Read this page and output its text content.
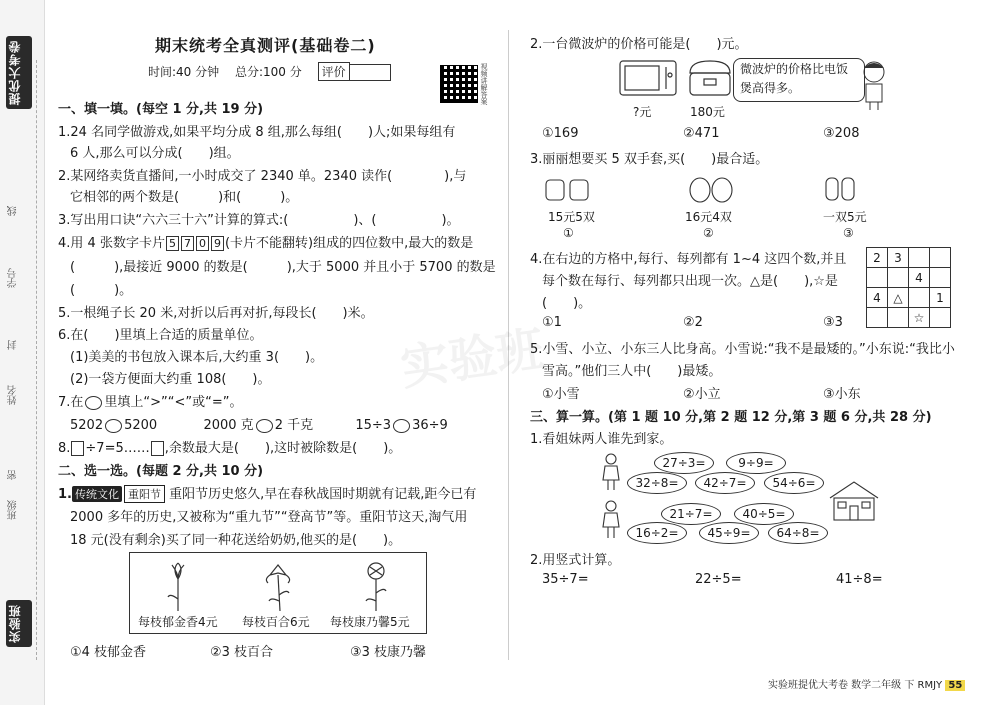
提优大考卷
线
学号
封
姓名
密
班级
实验班
实验班
期末统考全真测评(基础卷二)
时间:40 分钟　 总分:100 分　 评价	视频讲解答案
一、填一填。(每空 1 分,共 19 分)
1.24 名同学做游戏,如果平均分成 8 组,那么每组(　　)人;如果每组有
6 人,那么可以分成(　　)组。
2.某网络卖货直播间,一小时成交了 2340 单。2340 读作(　　　　),与
它相邻的两个数是(　　　)和(　　　)。
3.写出用口诀“六六三十六”计算的算式:(　　　　　)、(　　　　　)。
4.用 4 张数字卡片 5 7 0 9 (卡片不能翻转)组成的四位数中,最大的数是
(　　　),最接近 9000 的数是(　　　),大于 5000 并且小于 5700 的数是
(　　　)。
5.一根绳子长 20 米,对折以后再对折,每段长(　　)米。
6.在(　　)里填上合适的质量单位。
(1)美美的书包放入课本后,大约重 3(　　)。
(2)一袋方便面大约重 108(　　)。
7.在 里填上“>”“<”或“=”。
5202 5200	2000 克 2 千克	15÷3 36÷9
8. ÷7=5…… ,余数最大是(　　),这时被除数是(　　)。
二、选一选。(每题 2 分,共 10 分)
1. 传统文化 重阳节 重阳节历史悠久,早在春秋战国时期就有记载,距今已有
2000 多年的历史,又被称为“重九节”“登高节”等。重阳节这天,淘气用
18 元(没有剩余)买了同一种花送给奶奶,他买的是(　　)。
每枝郁金香4元 每枝百合6元 每枝康乃馨5元
①4 枝郁金香	②3 枝百合	③3 枝康乃馨
2.一台微波炉的价格可能是(　　)元。
?元	180元
微波炉的价格比电饭煲高得多。
①169	②471	③208
3.丽丽想要买 5 双手套,买(　　)最合适。
15元5双	16元4双	一双5元
①	②	③
4.在右边的方格中,每行、每列都有 1~4 这四个数,并且
每个数在每行、每列都只出现一次。△是(　　),☆是
(　　)。
2	3		
		4	
4	△		1
		☆	
①1	②2	③3
5.小雪、小立、小东三人比身高。小雪说:“我不是最矮的。”小东说:“我比小
雪高。”他们三人中(　　)最矮。
①小雪	②小立	③小东
三、算一算。(第 1 题 10 分,第 2 题 12 分,第 3 题 6 分,共 28 分)
1.看姐妹两人谁先到家。
27÷3=	9÷9=
32÷8=	42÷7=	54÷6=
21÷7=	40÷5=
16÷2=	45÷9=	64÷8=
2.用竖式计算。
35÷7=	22÷5=	41÷8=
实验班提优大考卷 数学二年级 下 RMJY 55
